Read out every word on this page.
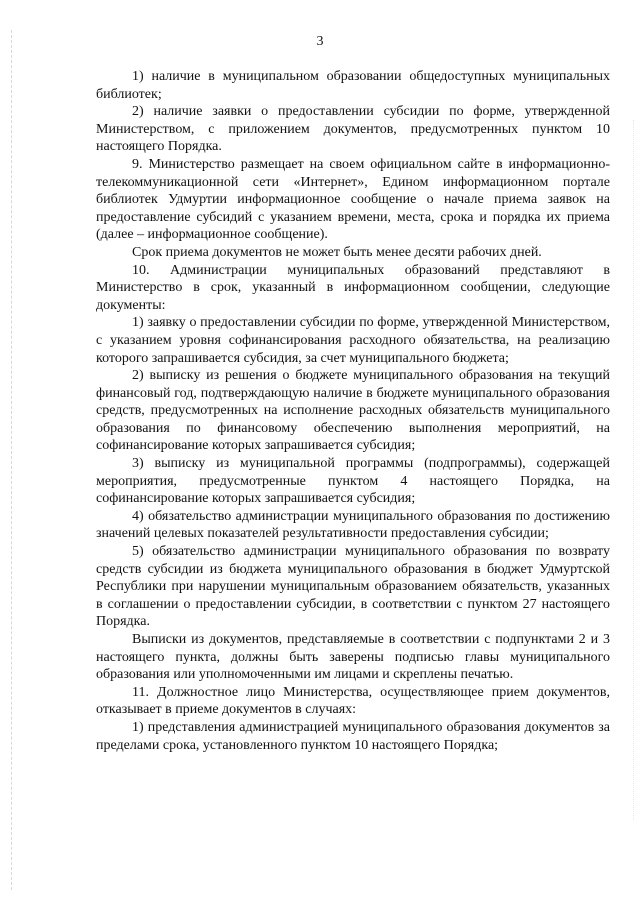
3

1) наличие в муниципальном образовании общедоступных муниципальных библиотек;

2) наличие заявки о предоставлении субсидии по форме, утвержденной Министерством, с приложением документов, предусмотренных пунктом 10 настоящего Порядка.

9. Министерство размещает на своем официальном сайте в информационно-телекоммуникационной сети «Интернет», Едином информационном портале библиотек Удмуртии информационное сообщение о начале приема заявок на предоставление субсидий с указанием времени, места, срока и порядка их приема (далее – информационное сообщение).

Срок приема документов не может быть менее десяти рабочих дней.

10. Администрации муниципальных образований представляют в Министерство в срок, указанный в информационном сообщении, следующие документы:

1) заявку о предоставлении субсидии по форме, утвержденной Министерством, с указанием уровня софинансирования расходного обязательства, на реализацию которого запрашивается субсидия, за счет муниципального бюджета;

2) выписку из решения о бюджете муниципального образования на текущий финансовый год, подтверждающую наличие в бюджете муниципального образования средств, предусмотренных на исполнение расходных обязательств муниципального образования по финансовому обеспечению выполнения мероприятий, на софинансирование которых запрашивается субсидия;

3) выписку из муниципальной программы (подпрограммы), содержащей мероприятия, предусмотренные пунктом 4 настоящего Порядка, на софинансирование которых запрашивается субсидия;

4) обязательство администрации муниципального образования по достижению значений целевых показателей результативности предоставления субсидии;

5) обязательство администрации муниципального образования по возврату средств субсидии из бюджета муниципального образования в бюджет Удмуртской Республики при нарушении муниципальным образованием обязательств, указанных в соглашении о предоставлении субсидии, в соответствии с пунктом 27 настоящего Порядка.

Выписки из документов, представляемые в соответствии с подпунктами 2 и 3 настоящего пункта, должны быть заверены подписью главы муниципального образования или уполномоченными им лицами и скреплены печатью.

11. Должностное лицо Министерства, осуществляющее прием документов, отказывает в приеме документов в случаях:

1) представления администрацией муниципального образования документов за пределами срока, установленного пунктом 10 настоящего Порядка;
